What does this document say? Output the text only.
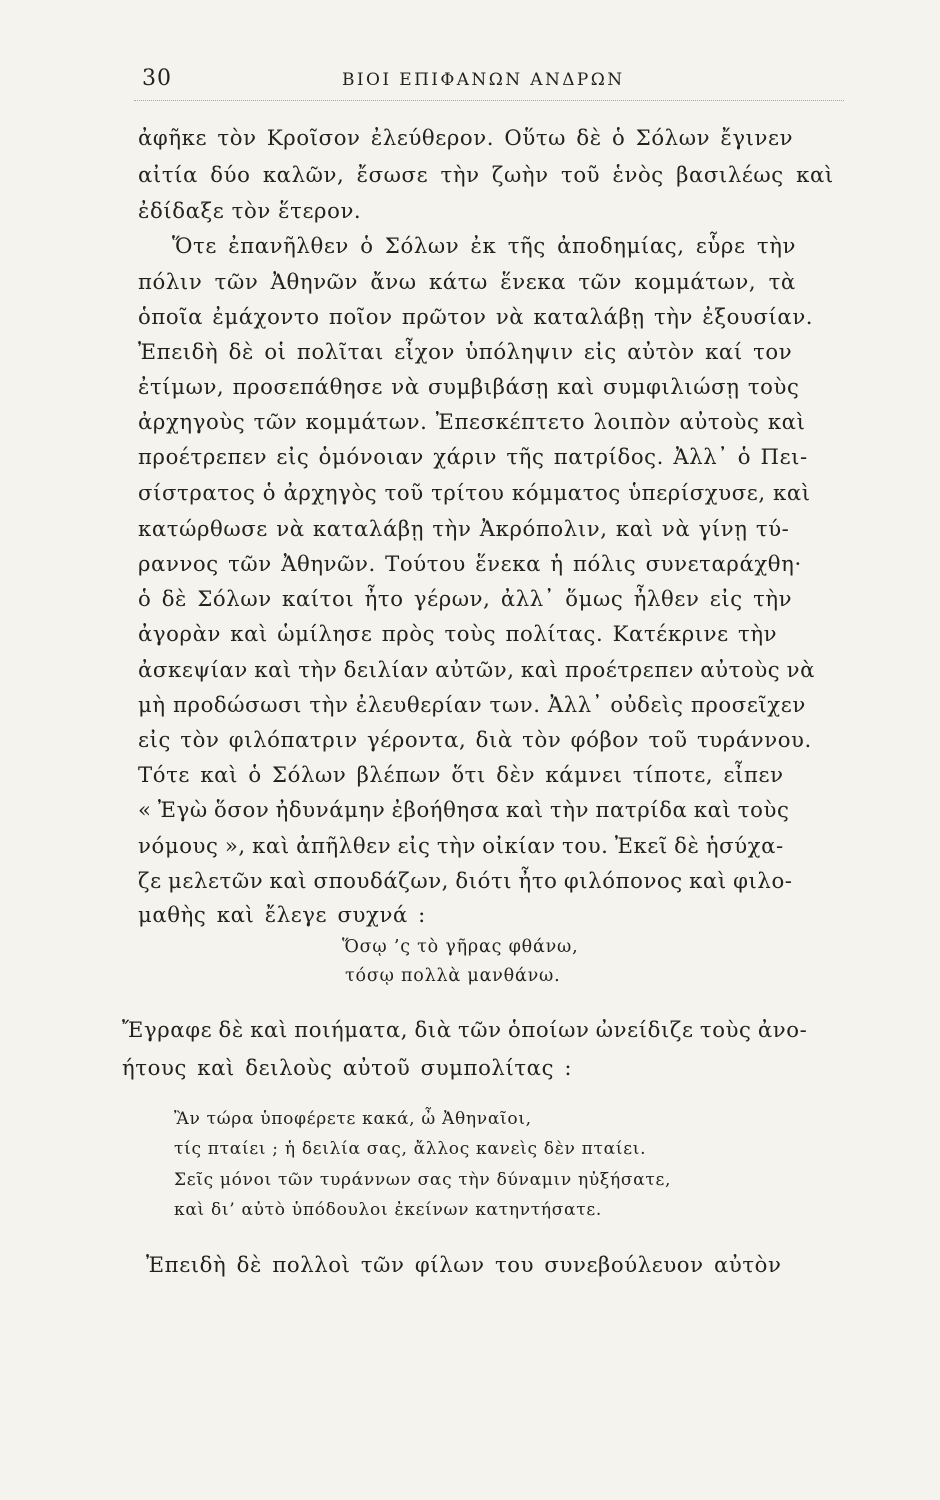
30	ΒΙΟΙ ΕΠΙΦΑΝΩΝ ΑΝΔΡΩΝ
ἀφῆκε τὸν Κροῖσον ἐλεύθερον. Οὕτω δὲ ὁ Σόλων ἔγινεν
αἰτία δύο καλῶν, ἔσωσε τὴν ζωὴν τοῦ ἑνὸς βασιλέως καὶ
ἐδίδαξε τὸν ἕτερον.
Ὅτε ἐπανῆλθεν ὁ Σόλων ἐκ τῆς ἀποδημίας, εὗρε τὴν
πόλιν τῶν Ἀθηνῶν ἄνω κάτω ἕνεκα τῶν κομμάτων, τὰ
ὁποῖα ἐμάχοντο ποῖον πρῶτον νὰ καταλάβῃ τὴν ἐξουσίαν.
Ἐπειδὴ δὲ οἱ πολῖται εἶχον ὑπόληψιν εἰς αὐτὸν καί τον
ἐτίμων, προσεπάθησε νὰ συμβιβάσῃ καὶ συμφιλιώσῃ τοὺς
ἀρχηγοὺς τῶν κομμάτων. Ἐπεσκέπτετο λοιπὸν αὐτοὺς καὶ
προέτρεπεν εἰς ὁμόνοιαν χάριν τῆς πατρίδος. Ἀλλ᾽ ὁ Πει-
σίστρατος ὁ ἀρχηγὸς τοῦ τρίτου κόμματος ὑπερίσχυσε, καὶ
κατώρθωσε νὰ καταλάβῃ τὴν Ἀκρόπολιν, καὶ νὰ γίνῃ τύ-
ραννος τῶν Ἀθηνῶν. Τούτου ἕνεκα ἡ πόλις συνεταράχθη·
ὁ δὲ Σόλων καίτοι ἦτο γέρων, ἀλλ᾽ ὅμως ἦλθεν εἰς τὴν
ἀγορὰν καὶ ὡμίλησε πρὸς τοὺς πολίτας. Κατέκρινε τὴν
ἀσκεψίαν καὶ τὴν δειλίαν αὐτῶν, καὶ προέτρεπεν αὐτοὺς νὰ
μὴ προδώσωσι τὴν ἐλευθερίαν των. Ἀλλ᾽ οὐδεὶς προσεῖχεν
εἰς τὸν φιλόπατριν γέροντα, διὰ τὸν φόβον τοῦ τυράννου.
Τότε καὶ ὁ Σόλων βλέπων ὅτι δὲν κάμνει τίποτε, εἶπεν
« Ἐγὼ ὅσον ἠδυνάμην ἐβοήθησα καὶ τὴν πατρίδα καὶ τοὺς
νόμους », καὶ ἀπῆλθεν εἰς τὴν οἰκίαν του. Ἐκεῖ δὲ ἡσύχα-
ζε μελετῶν καὶ σπουδάζων, διότι ἦτο φιλόπονος καὶ φιλο-
μαθὴς καὶ ἔλεγε συχνά :
Ὅσῳ ’ς τὸ γῆρας φθάνω,
τόσῳ πολλὰ μανθάνω.
Ἔγραφε δὲ καὶ ποιήματα, διὰ τῶν ὁποίων ὠνείδιζε τοὺς ἀνο-
ήτους καὶ δειλοὺς αὐτοῦ συμπολίτας :
Ἂν τώρα ὑποφέρετε κακά, ὦ Ἀθηναῖοι,
τίς πταίει ; ἡ δειλία σας, ἄλλος κανεὶς δὲν πταίει.
Σεῖς μόνοι τῶν τυράννων σας τὴν δύναμιν ηὐξήσατε,
καὶ δι’ αὐτὸ ὑπόδουλοι ἐκείνων κατηντήσατε.
Ἐπειδὴ δὲ πολλοὶ τῶν φίλων του συνεβούλευον αὐτὸν
